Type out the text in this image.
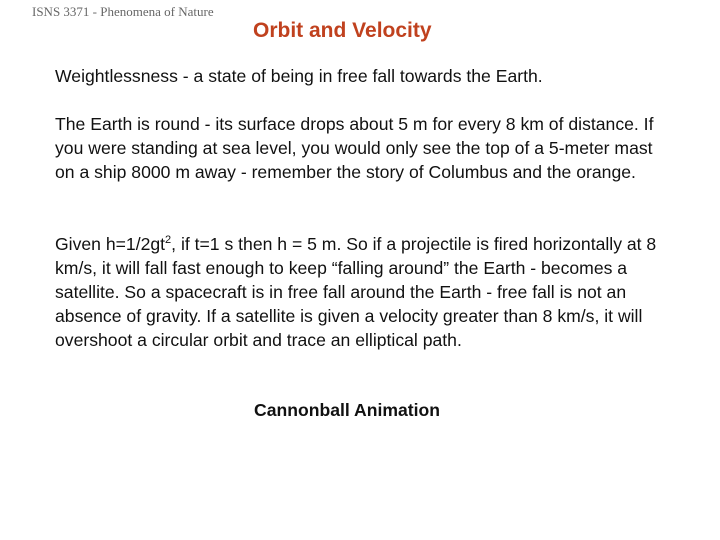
ISNS 3371 - Phenomena of Nature
Orbit and Velocity

Weightlessness - a state of being in free fall towards the Earth.

The Earth is round - its surface drops about 5 m for every 8 km of distance. If you were standing at sea level, you would only see the top of a 5-meter mast on a ship 8000 m away - remember the story of Columbus and the orange.

Given $h=1/2gt^2$, if t=1 s then h = 5 m. So if a projectile is fired horizontally at 8 km/s, it will fall fast enough to keep “falling around” the Earth - becomes a satellite. So a spacecraft is in free fall around the Earth - free fall is not an absence of gravity. If a satellite is given a velocity greater than 8 km/s, it will overshoot a circular orbit and trace an elliptical path.

Cannonball Animation
